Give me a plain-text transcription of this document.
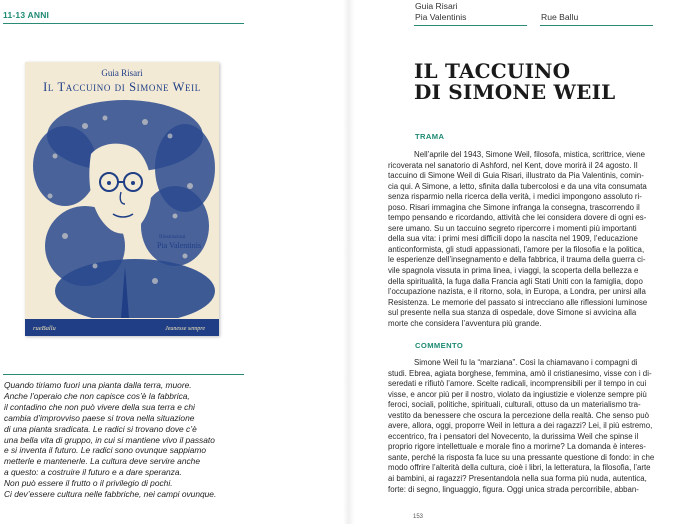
11-13 ANNI
Guia Risari
Il Taccuino di Simone Weil
Illustrazioni
Pia Valentinis
rueBallu	Jeunesse sempre

Quando tiriamo fuori una pianta dalla terra, muore.

Anche l’operaio che non capisce cos’è la fabbrica,

il contadino che non può vivere della sua terra e chi

cambia d’improvviso paese si trova nella situazione

di una pianta sradicata. Le radici si trovano dove c’è

una bella vita di gruppo, in cui si mantiene vivo il passato

e si inventa il futuro. Le radici sono ovunque sappiamo

metterle e mantenerle. La cultura deve servire anche

a questo: a costruire il futuro e a dare speranza.

Non può essere il frutto o il privilegio di pochi.

Ci dev’essere cultura nelle fabbriche, nei campi ovunque.

Guia Risari
Pia Valentinis	Rue Ballu
IL TACCUINO
DI SIMONE WEIL
TRAMA

Nell’aprile del 1943, Simone Weil, filosofa, mistica, scrittrice, viene

ricoverata nel sanatorio di Ashford, nel Kent, dove morirà il 24 agosto. Il

taccuino di Simone Weil di Guia Risari, illustrato da Pia Valentinis, comin-

cia qui. A Simone, a letto, sfinita dalla tubercolosi e da una vita consumata

senza risparmio nella ricerca della verità, i medici impongono assoluto ri-

poso. Risari immagina che Simone infranga la consegna, trascorrendo il

tempo pensando e ricordando, attività che lei considera dovere di ogni es-

sere umano. Su un taccuino segreto ripercorre i momenti più importanti

della sua vita: i primi mesi difficili dopo la nascita nel 1909, l’educazione

anticonformista, gli studi appassionati, l’amore per la filosofia e la politica,

le esperienze dell’insegnamento e della fabbrica, il trauma della guerra ci-

vile spagnola vissuta in prima linea, i viaggi, la scoperta della bellezza e

della spiritualità, la fuga dalla Francia agli Stati Uniti con la famiglia, dopo

l’occupazione nazista, e il ritorno, sola, in Europa, a Londra, per unirsi alla

Resistenza. Le memorie del passato si intrecciano alle riflessioni luminose

sul presente nella sua stanza di ospedale, dove Simone si avvicina alla

morte che considera l’avventura più grande.

COMMENTO

Simone Weil fu la “marziana”. Così la chiamavano i compagni di

studi. Ebrea, agiata borghese, femmina, amò il cristianesimo, visse con i di-

seredati e rifiutò l’amore. Scelte radicali, incomprensibili per il tempo in cui

visse, e ancor più per il nostro, violato da ingiustizie e violenze sempre più

feroci, sociali, politiche, spirituali, culturali, ottuso da un materialismo tra-

vestito da benessere che oscura la percezione della realtà. Che senso può

avere, allora, oggi, proporre Weil in lettura a dei ragazzi? Lei, il più estremo,

eccentrico, fra i pensatori del Novecento, la durissima Weil che spinse il

proprio rigore intellettuale e morale fino a morirne? La domanda è interes-

sante, perché la risposta fa luce su una pressante questione di fondo: in che

modo offrire l’alterità della cultura, cioè i libri, la letteratura, la filosofia, l’arte

ai bambini, ai ragazzi? Presentandola nella sua forma più nuda, autentica,

forte: di segno, linguaggio, figura. Oggi unica strada percorribile, abban-

153
